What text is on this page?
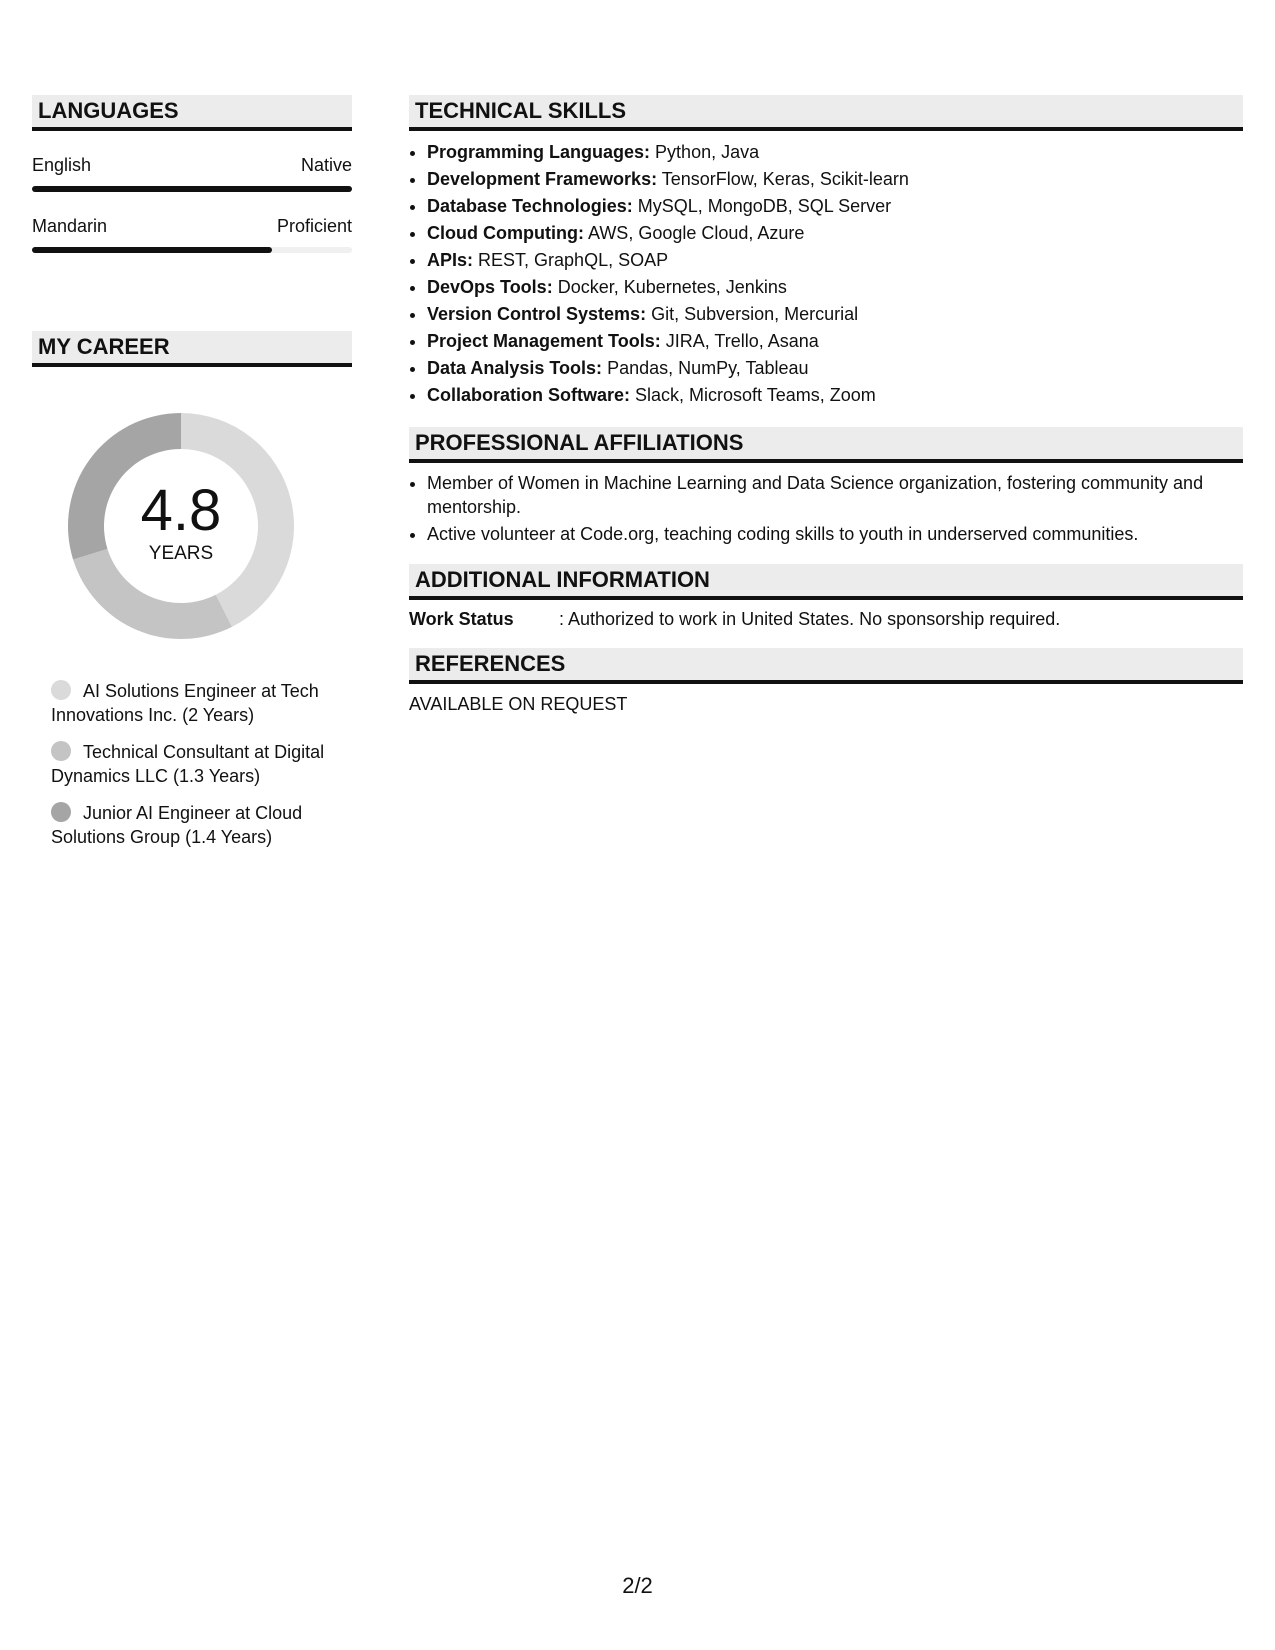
LANGUAGES
English	Native
Mandarin	Proficient
MY CAREER
4.8
YEARS
AI Solutions Engineer at Tech Innovations Inc. (2 Years)
Technical Consultant at Digital Dynamics LLC (1.3 Years)
Junior AI Engineer at Cloud Solutions Group (1.4 Years)
TECHNICAL SKILLS
• Programming Languages: Python, Java
• Development Frameworks: TensorFlow, Keras, Scikit-learn
• Database Technologies: MySQL, MongoDB, SQL Server
• Cloud Computing: AWS, Google Cloud, Azure
• APIs: REST, GraphQL, SOAP
• DevOps Tools: Docker, Kubernetes, Jenkins
• Version Control Systems: Git, Subversion, Mercurial
• Project Management Tools: JIRA, Trello, Asana
• Data Analysis Tools: Pandas, NumPy, Tableau
• Collaboration Software: Slack, Microsoft Teams, Zoom
PROFESSIONAL AFFILIATIONS
• Member of Women in Machine Learning and Data Science organization, fostering community and mentorship.
• Active volunteer at Code.org, teaching coding skills to youth in underserved communities.
ADDITIONAL INFORMATION
Work Status	: Authorized to work in United States. No sponsorship required.
REFERENCES
AVAILABLE ON REQUEST
2/2
